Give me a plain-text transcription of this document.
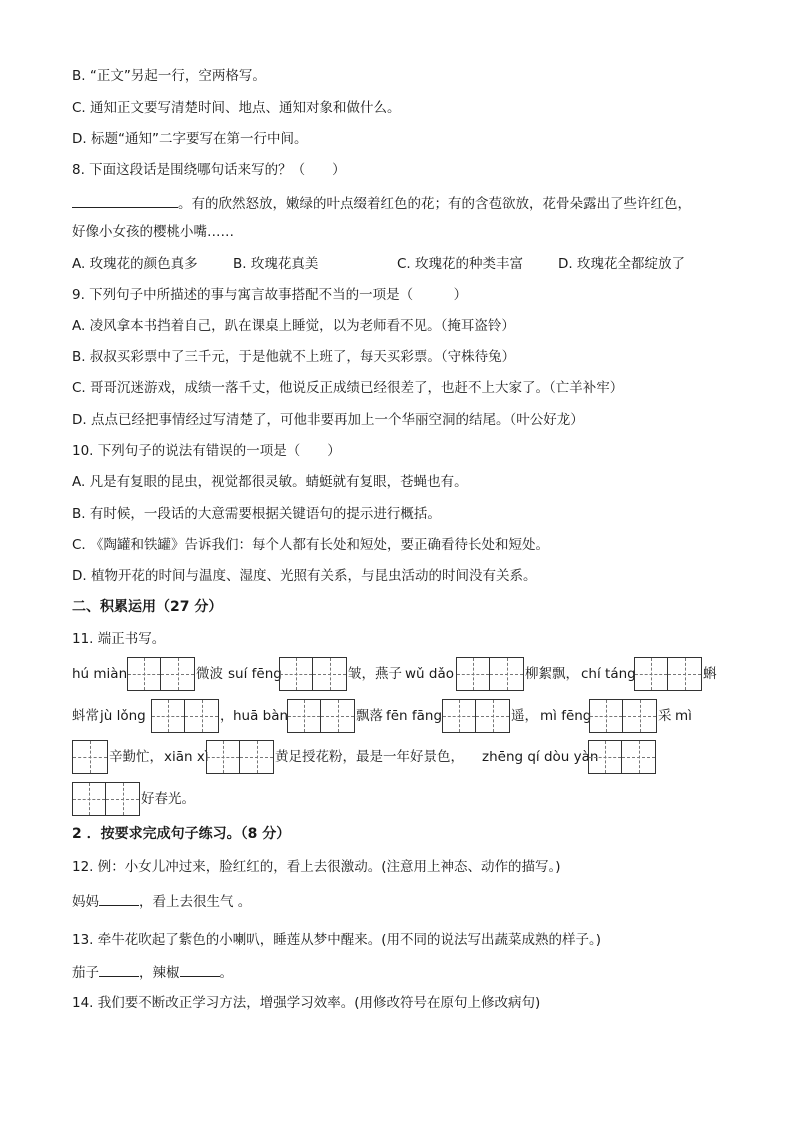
B. “正文”另起一行，空两格写。
C. 通知正文要写清楚时间、地点、通知对象和做什么。
D. 标题“通知”二字要写在第一行中间。
8. 下面这段话是围绕哪句话来写的？（　　）
。有的欣然怒放，嫩绿的叶点缀着红色的花；有的含苞欲放，花骨朵露出了些许红色，
好像小女孩的樱桃小嘴……
A. 玫瑰花的颜色真多	B. 玫瑰花真美	C. 玫瑰花的种类丰富	D. 玫瑰花全都绽放了
9. 下列句子中所描述的事与寓言故事搭配不当的一项是（　　　）
A. 凌风拿本书挡着自己，趴在课桌上睡觉，以为老师看不见。（掩耳盗铃）
B. 叔叔买彩票中了三千元，于是他就不上班了，每天买彩票。（守株待兔）
C. 哥哥沉迷游戏，成绩一落千丈，他说反正成绩已经很差了，也赶不上大家了。（亡羊补牢）
D. 点点已经把事情经过写清楚了，可他非要再加上一个华丽空洞的结尾。（叶公好龙）
10. 下列句子的说法有错误的一项是（　　）
A. 凡是有复眼的昆虫，视觉都很灵敏。蜻蜓就有复眼，苍蝇也有。
B. 有时候，一段话的大意需要根据关键语句的提示进行概括。
C. 《陶罐和铁罐》告诉我们：每个人都有长处和短处，要正确看待长处和短处。
D. 植物开花的时间与温度、湿度、光照有关系，与昆虫活动的时间没有关系。
二、积累运用（27 分）
11. 端正书写。
hú miàn	微波 suí fēng	皱，燕子 wǔ dǎo	柳絮飘， chí táng	蝌
蚪常 jù lǒng	， huā bàn	飘落 fēn fāng	遥， mì fēng	采 mì
辛勤忙， xiān xì	黄足授花粉，最是一年好景色， zhēng qí dòu yàn
好春光。
2 ．按要求完成句子练习。（8 分）
12. 例：小女儿冲过来，脸红红的，看上去很激动。(注意用上神态、动作的描写。)
妈妈	，看上去很生气 。
13. 牵牛花吹起了紫色的小喇叭，睡莲从梦中醒来。(用不同的说法写出蔬菜成熟的样子。)
茄子	，辣椒	。
14. 我们要不断改正学习方法，增强学习效率。(用修改符号在原句上修改病句)
